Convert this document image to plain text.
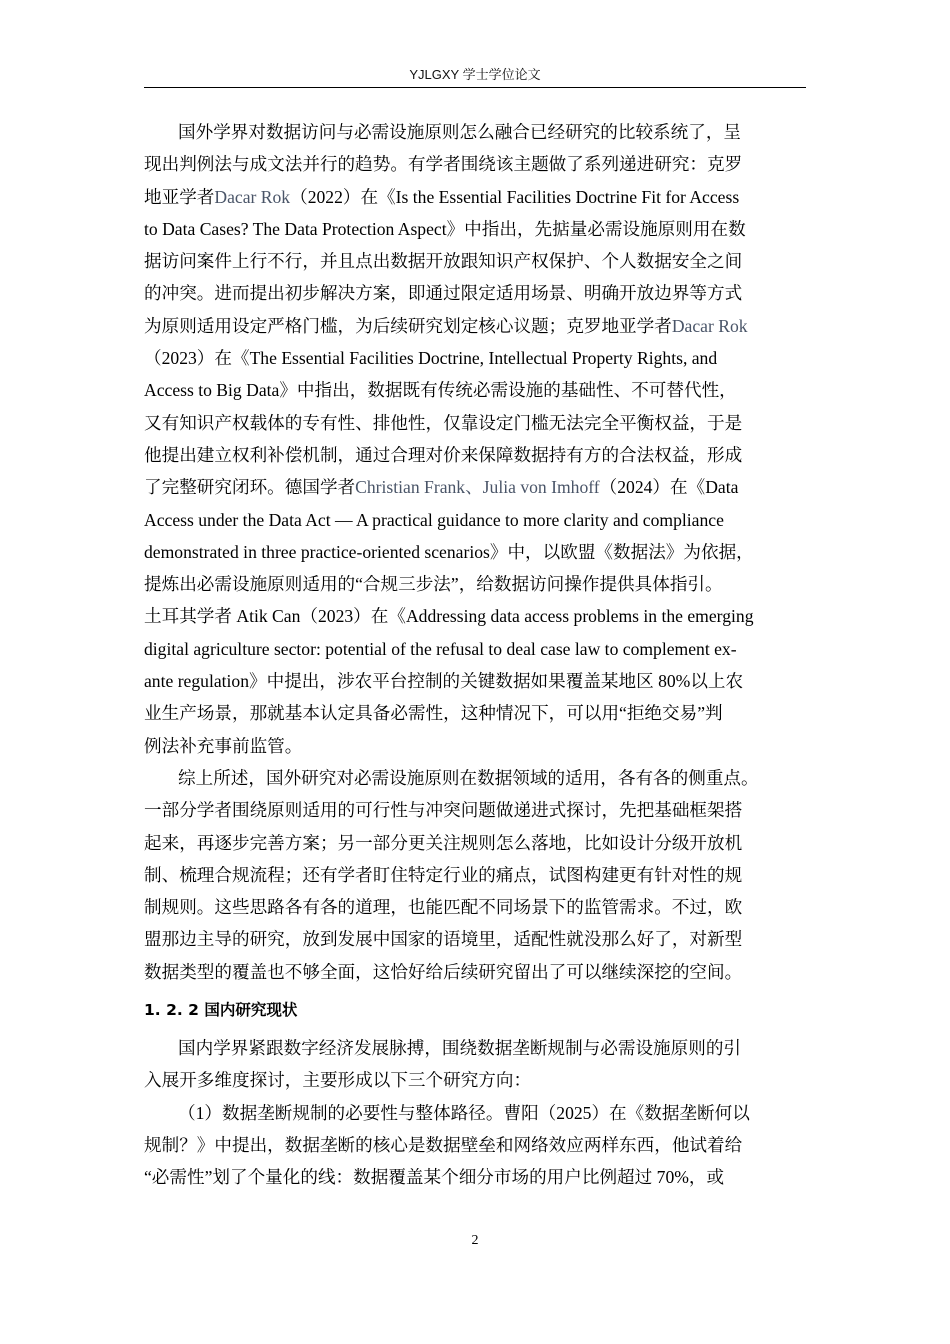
YJLGXY 学士学位论文

国外学界对数据访问与必需设施原则怎么融合已经研究的比较系统了，呈
现出判例法与成文法并行的趋势。有学者围绕该主题做了系列递进研究：克罗
地亚学者Dacar Rok（2022）在《Is the Essential Facilities Doctrine Fit for Access
to Data Cases? The Data Protection Aspect》中指出，先掂量必需设施原则用在数
据访问案件上行不行，并且点出数据开放跟知识产权保护、个人数据安全之间
的冲突。进而提出初步解决方案，即通过限定适用场景、明确开放边界等方式
为原则适用设定严格门槛，为后续研究划定核心议题；克罗地亚学者Dacar Rok
（2023）在《The Essential Facilities Doctrine, Intellectual Property Rights, and
Access to Big Data》中指出，数据既有传统必需设施的基础性、不可替代性，
又有知识产权载体的专有性、排他性，仅靠设定门槛无法完全平衡权益，于是
他提出建立权利补偿机制，通过合理对价来保障数据持有方的合法权益，形成
了完整研究闭环。德国学者Christian Frank、Julia von Imhoff（2024）在《Data
Access under the Data Act — A practical guidance to more clarity and compliance
demonstrated in three practice-oriented scenarios》中，以欧盟《数据法》为依据，
提炼出必需设施原则适用的“合规三步法”，给数据访问操作提供具体指引。
土耳其学者 Atik Can（2023）在《Addressing data access problems in the emerging
digital agriculture sector: potential of the refusal to deal case law to complement ex-
ante regulation》中提出，涉农平台控制的关键数据如果覆盖某地区 80%以上农
业生产场景，那就基本认定具备必需性，这种情况下，可以用“拒绝交易”判
例法补充事前监管。

综上所述，国外研究对必需设施原则在数据领域的适用，各有各的侧重点。
一部分学者围绕原则适用的可行性与冲突问题做递进式探讨，先把基础框架搭
起来，再逐步完善方案；另一部分更关注规则怎么落地，比如设计分级开放机
制、梳理合规流程；还有学者盯住特定行业的痛点，试图构建更有针对性的规
制规则。这些思路各有各的道理，也能匹配不同场景下的监管需求。不过，欧
盟那边主导的研究，放到发展中国家的语境里，适配性就没那么好了，对新型
数据类型的覆盖也不够全面，这恰好给后续研究留出了可以继续深挖的空间。

1. 2. 2 国内研究现状

国内学界紧跟数字经济发展脉搏，围绕数据垄断规制与必需设施原则的引
入展开多维度探讨，主要形成以下三个研究方向：

（1）数据垄断规制的必要性与整体路径。曹阳（2025）在《数据垄断何以
规制？》中提出，数据垄断的核心是数据壁垒和网络效应两样东西，他试着给
“必需性”划了个量化的线：数据覆盖某个细分市场的用户比例超过 70%，或

2
